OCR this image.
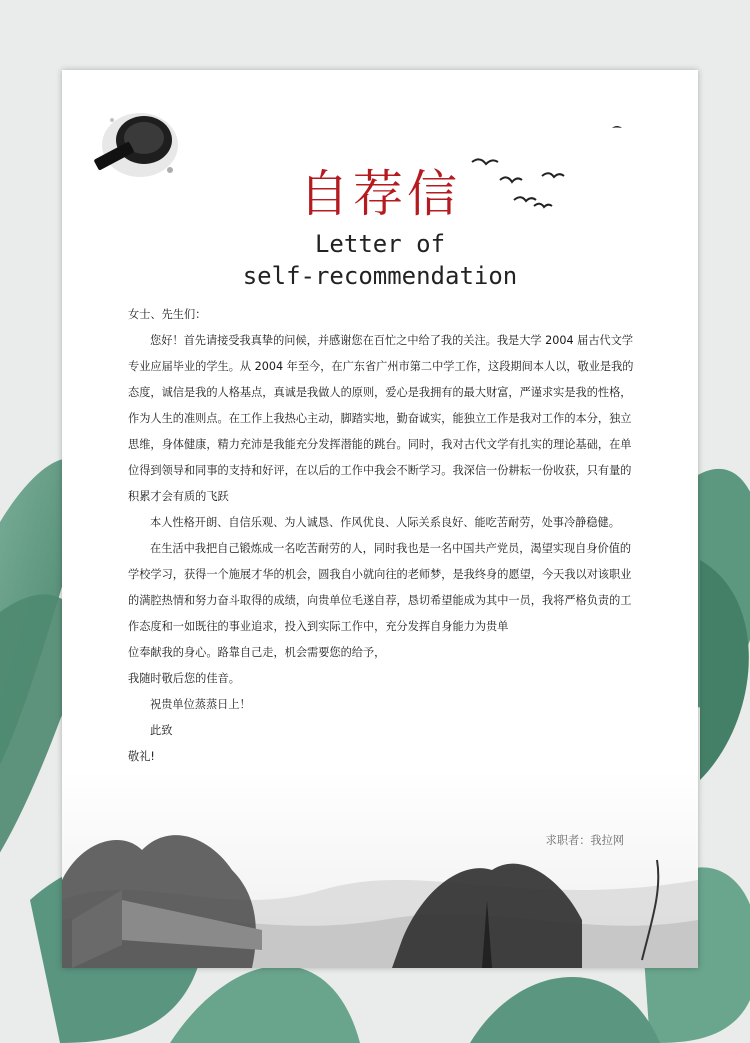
自荐信
Letter of
self-recommendation

女士、先生们：

您好！首先请接受我真挚的问候，并感谢您在百忙之中给了我的关注。我是大学 2004 届古代文学专业应届毕业的学生。从 2004 年至今，在广东省广州市第二中学工作，这段期间本人以，敬业是我的态度，诚信是我的人格基点，真诚是我做人的原则，爱心是我拥有的最大财富，严谨求实是我的性格，作为人生的准则点。在工作上我热心主动，脚踏实地，勤奋诚实，能独立工作是我对工作的本分，独立思维，身体健康，精力充沛是我能充分发挥潜能的跳台。同时，我对古代文学有扎实的理论基础，在单位得到领导和同事的支持和好评，在以后的工作中我会不断学习。我深信一份耕耘一份收获，只有量的积累才会有质的飞跃

本人性格开朗、自信乐观、为人诚恳、作风优良、人际关系良好、能吃苦耐劳，处事冷静稳健。

在生活中我把自己锻炼成一名吃苦耐劳的人，同时我也是一名中国共产党员，渴望实现自身价值的学校学习，获得一个施展才华的机会，圆我自小就向往的老师梦，是我终身的愿望，今天我以对该职业的满腔热情和努力奋斗取得的成绩，向贵单位毛遂自荐，恳切希望能成为其中一员，我将严格负责的工作态度和一如既往的事业追求，投入到实际工作中，充分发挥自身能力为贵单

位奉献我的身心。路靠自己走，机会需要您的给予，

我随时敬后您的佳音。

祝贵单位蒸蒸日上！

此致

敬礼!

求职者：我拉网
